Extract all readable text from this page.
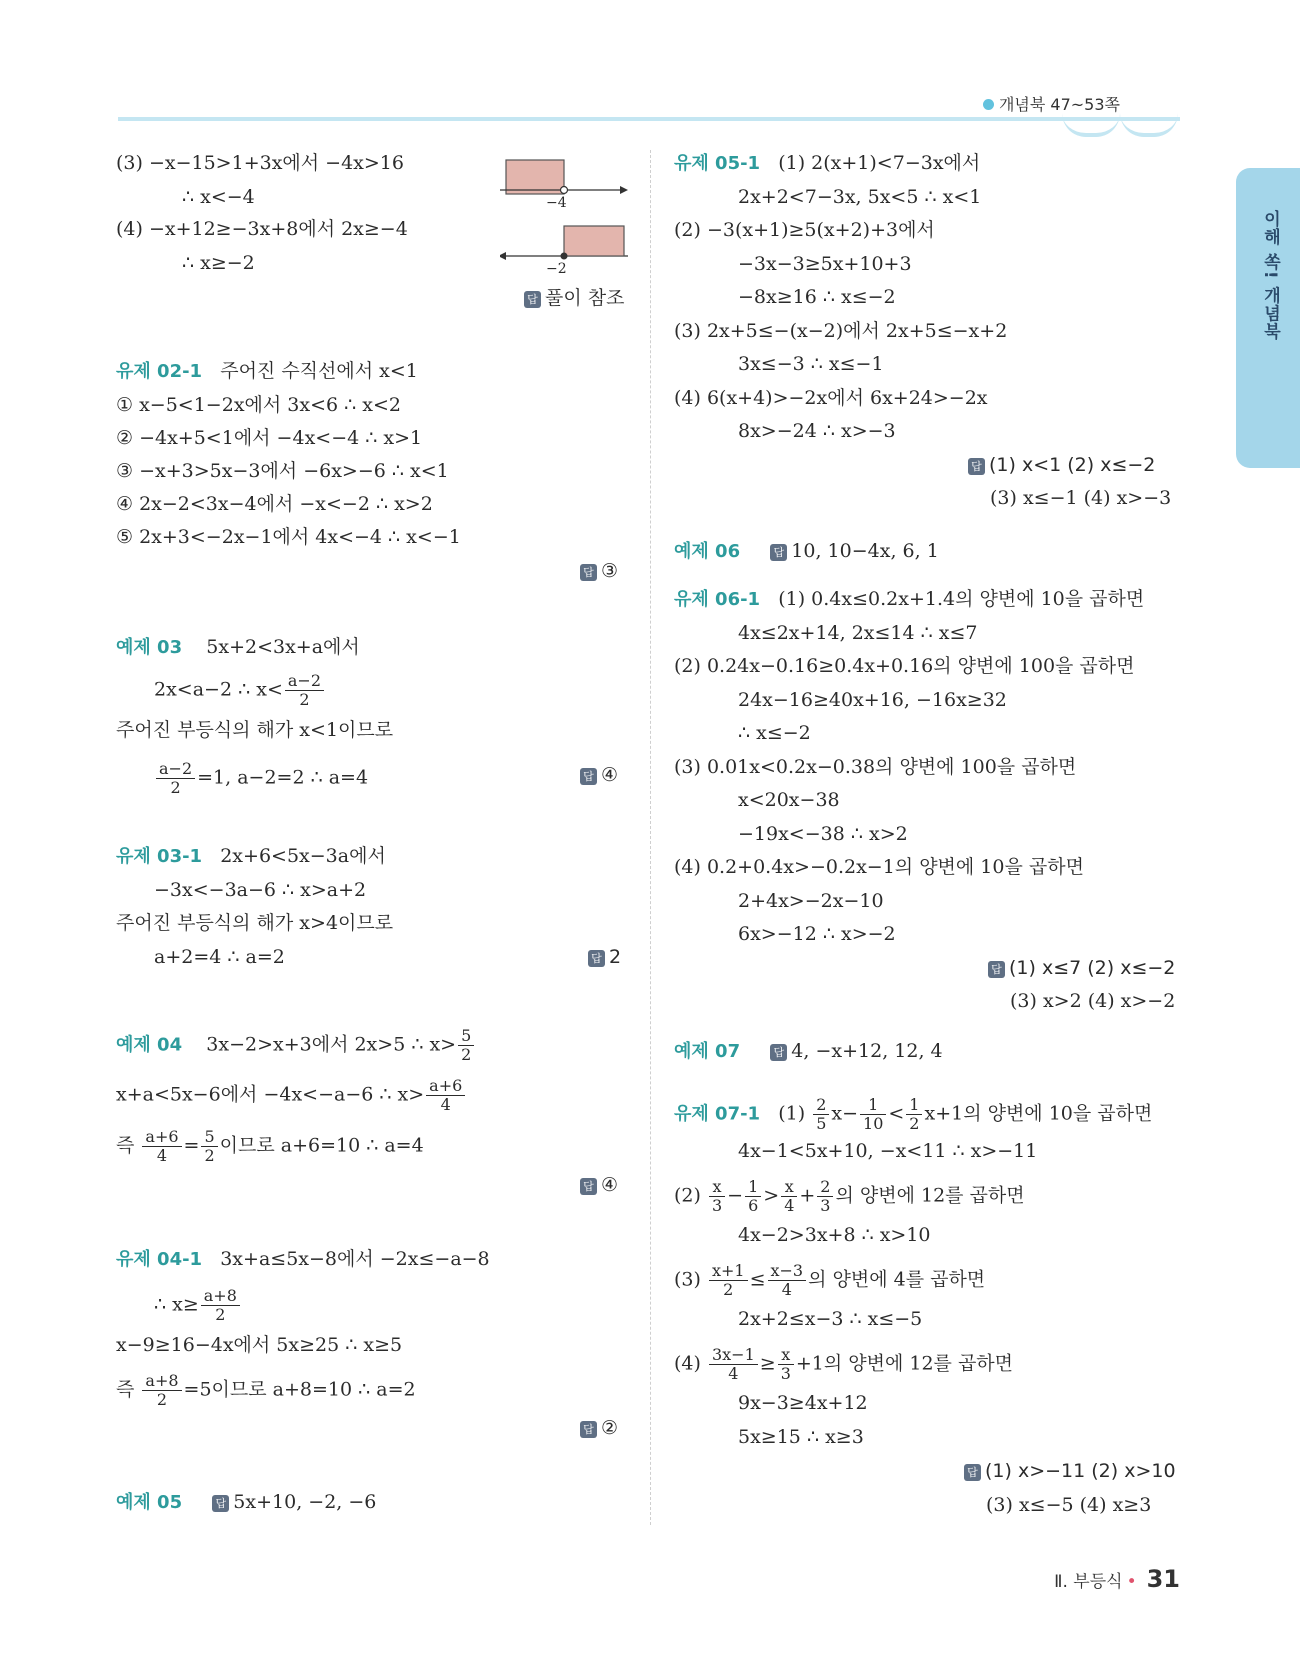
개념북 47~53쪽
이해 쏙! 개념북
(3) −x−15>1+3x에서 −4x>16
∴ x<−4
(4) −x+12≥−3x+8에서 2x≥−4
∴ x≥−2
−4
−2
답 풀이 참조
유제 02-1 주어진 수직선에서 x<1
① x−5<1−2x에서 3x<6 ∴ x<2
② −4x+5<1에서 −4x<−4 ∴ x>1
③ −x+3>5x−3에서 −6x>−6 ∴ x<1
④ 2x−2<3x−4에서 −x<−2 ∴ x>2
⑤ 2x+3<−2x−1에서 4x<−4 ∴ x<−1
답 ③
예제 03 5x+2<3x+a에서
2x<a−2 ∴ $x< \frac{a-2}{2}$
주어진 부등식의 해가 x<1이므로
$\frac{a-2}{2} =1$, a−2=2 ∴ a=4	답 ④
유제 03-1 2x+6<5x−3a에서
−3x<−3a−6 ∴ x>a+2
주어진 부등식의 해가 x>4이므로
a+2=4 ∴ a=2	답 2
예제 04 3x−2>x+3에서 2x>5 ∴ $x> \frac{5}{2}$
x+a<5x−6에서 −4x<−a−6 ∴ $x> \frac{a+6}{4}$
즉 $\frac{a+6}{4} = \frac{5}{2}$ 이므로 a+6=10 ∴ a=4
답 ④
유제 04-1 3x+a≤5x−8에서 −2x≤−a−8
∴ $x\ge \frac{a+8}{2}$
x−9≥16−4x에서 5x≥25 ∴ x≥5
즉 $\frac{a+8}{2} =5$이므로 a+8=10 ∴ a=2
답 ②
예제 05	답 5x+10, −2, −6
유제 05-1 (1) 2(x+1)<7−3x에서
2x+2<7−3x, 5x<5 ∴ x<1
(2) −3(x+1)≥5(x+2)+3에서
−3x−3≥5x+10+3
−8x≥16 ∴ x≤−2
(3) 2x+5≤−(x−2)에서 2x+5≤−x+2
3x≤−3 ∴ x≤−1
(4) 6(x+4)>−2x에서 6x+24>−2x
8x>−24 ∴ x>−3
답 (1) x<1 (2) x≤−2
(3) x≤−1 (4) x>−3
예제 06	답 10, 10−4x, 6, 1
유제 06-1 (1) 0.4x≤0.2x+1.4의 양변에 10을 곱하면
4x≤2x+14, 2x≤14 ∴ x≤7
(2) 0.24x−0.16≥0.4x+0.16의 양변에 100을 곱하면
24x−16≥40x+16, −16x≥32
∴ x≤−2
(3) 0.01x<0.2x−0.38의 양변에 100을 곱하면
x<20x−38
−19x<−38 ∴ x>2
(4) 0.2+0.4x>−0.2x−1의 양변에 10을 곱하면
2+4x>−2x−10
6x>−12 ∴ x>−2
답 (1) x≤7 (2) x≤−2
(3) x>2 (4) x>−2
예제 07	답 4, −x+12, 12, 4
유제 07-1 $(1) \frac{2}{5} x- \frac{1}{10} < \frac{1}{2} x+1$의 양변에 10을 곱하면
4x−1<5x+10, −x<11 ∴ x>−11
$(2) \frac{x}{3} - \frac{1}{6} > \frac{x}{4} + \frac{2}{3}$ 의 양변에 12를 곱하면
4x−2>3x+8 ∴ x>10
$(3) \frac{x+1}{2} \le \frac{x-3}{4}$ 의 양변에 4를 곱하면
2x+2≤x−3 ∴ x≤−5
$(4) \frac{3x-1}{4} \ge \frac{x}{3} +1$의 양변에 12를 곱하면
9x−3≥4x+12
5x≥15 ∴ x≥3
답 (1) x>−11 (2) x>10
(3) x≤−5 (4) x≥3
Ⅱ. 부등식 • 31
